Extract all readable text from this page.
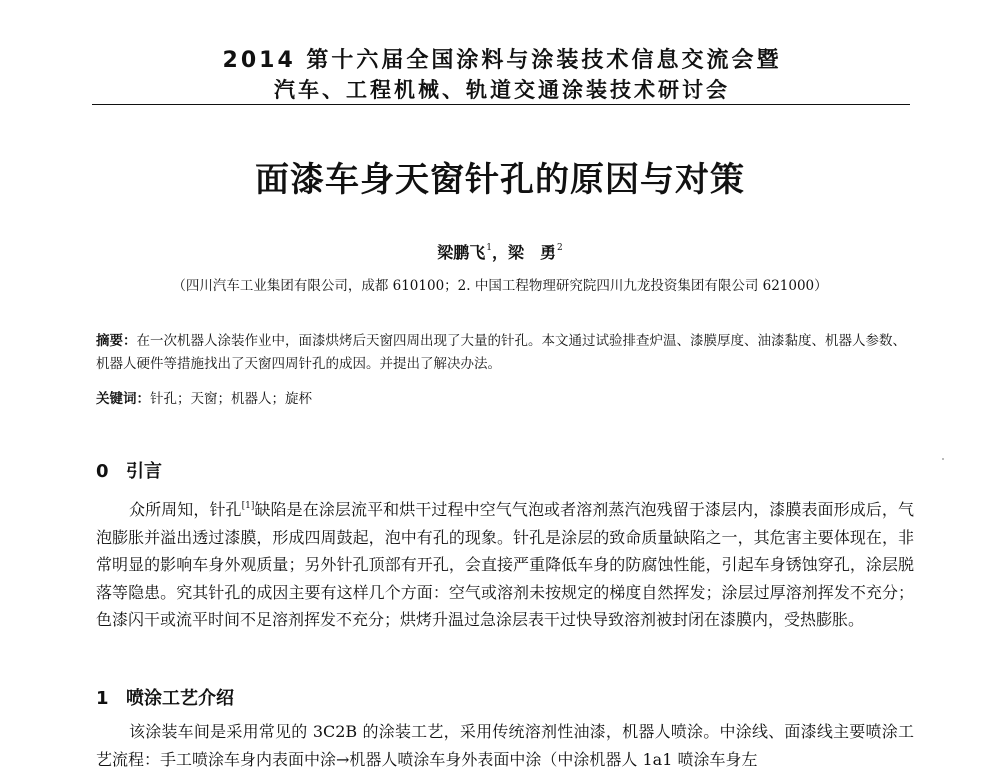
2014 第十六届全国涂料与涂装技术信息交流会暨
汽车、工程机械、轨道交通涂装技术研讨会
面漆车身天窗针孔的原因与对策
梁鹏飞$^1$，梁　勇$^2$
（四川汽车工业集团有限公司，成都 610100；2. 中国工程物理研究院四川九龙投资集团有限公司 621000）
摘要：在一次机器人涂装作业中，面漆烘烤后天窗四周出现了大量的针孔。本文通过试验排查炉温、漆膜厚度、油漆黏度、机器人参数、机器人硬件等措施找出了天窗四周针孔的成因。并提出了解决办法。
关键词：针孔；天窗；机器人；旋杯
0 引言

众所周知，针孔[1]缺陷是在涂层流平和烘干过程中空气气泡或者溶剂蒸汽泡残留于漆层内，漆膜表面形成后，气泡膨胀并溢出透过漆膜，形成四周鼓起，泡中有孔的现象。针孔是涂层的致命质量缺陷之一，其危害主要体现在，非常明显的影响车身外观质量；另外针孔顶部有开孔，会直接严重降低车身的防腐蚀性能，引起车身锈蚀穿孔，涂层脱落等隐患。究其针孔的成因主要有这样几个方面：空气或溶剂未按规定的梯度自然挥发；涂层过厚溶剂挥发不充分；色漆闪干或流平时间不足溶剂挥发不充分；烘烤升温过急涂层表干过快导致溶剂被封闭在漆膜内，受热膨胀。

1 喷涂工艺介绍

该涂装车间是采用常见的 3C2B 的涂装工艺，采用传统溶剂性油漆，机器人喷涂。中涂线、面漆线主要喷涂工艺流程：手工喷涂车身内表面中涂→机器人喷涂车身外表面中涂（中涂机器人 1a1 喷涂车身左
